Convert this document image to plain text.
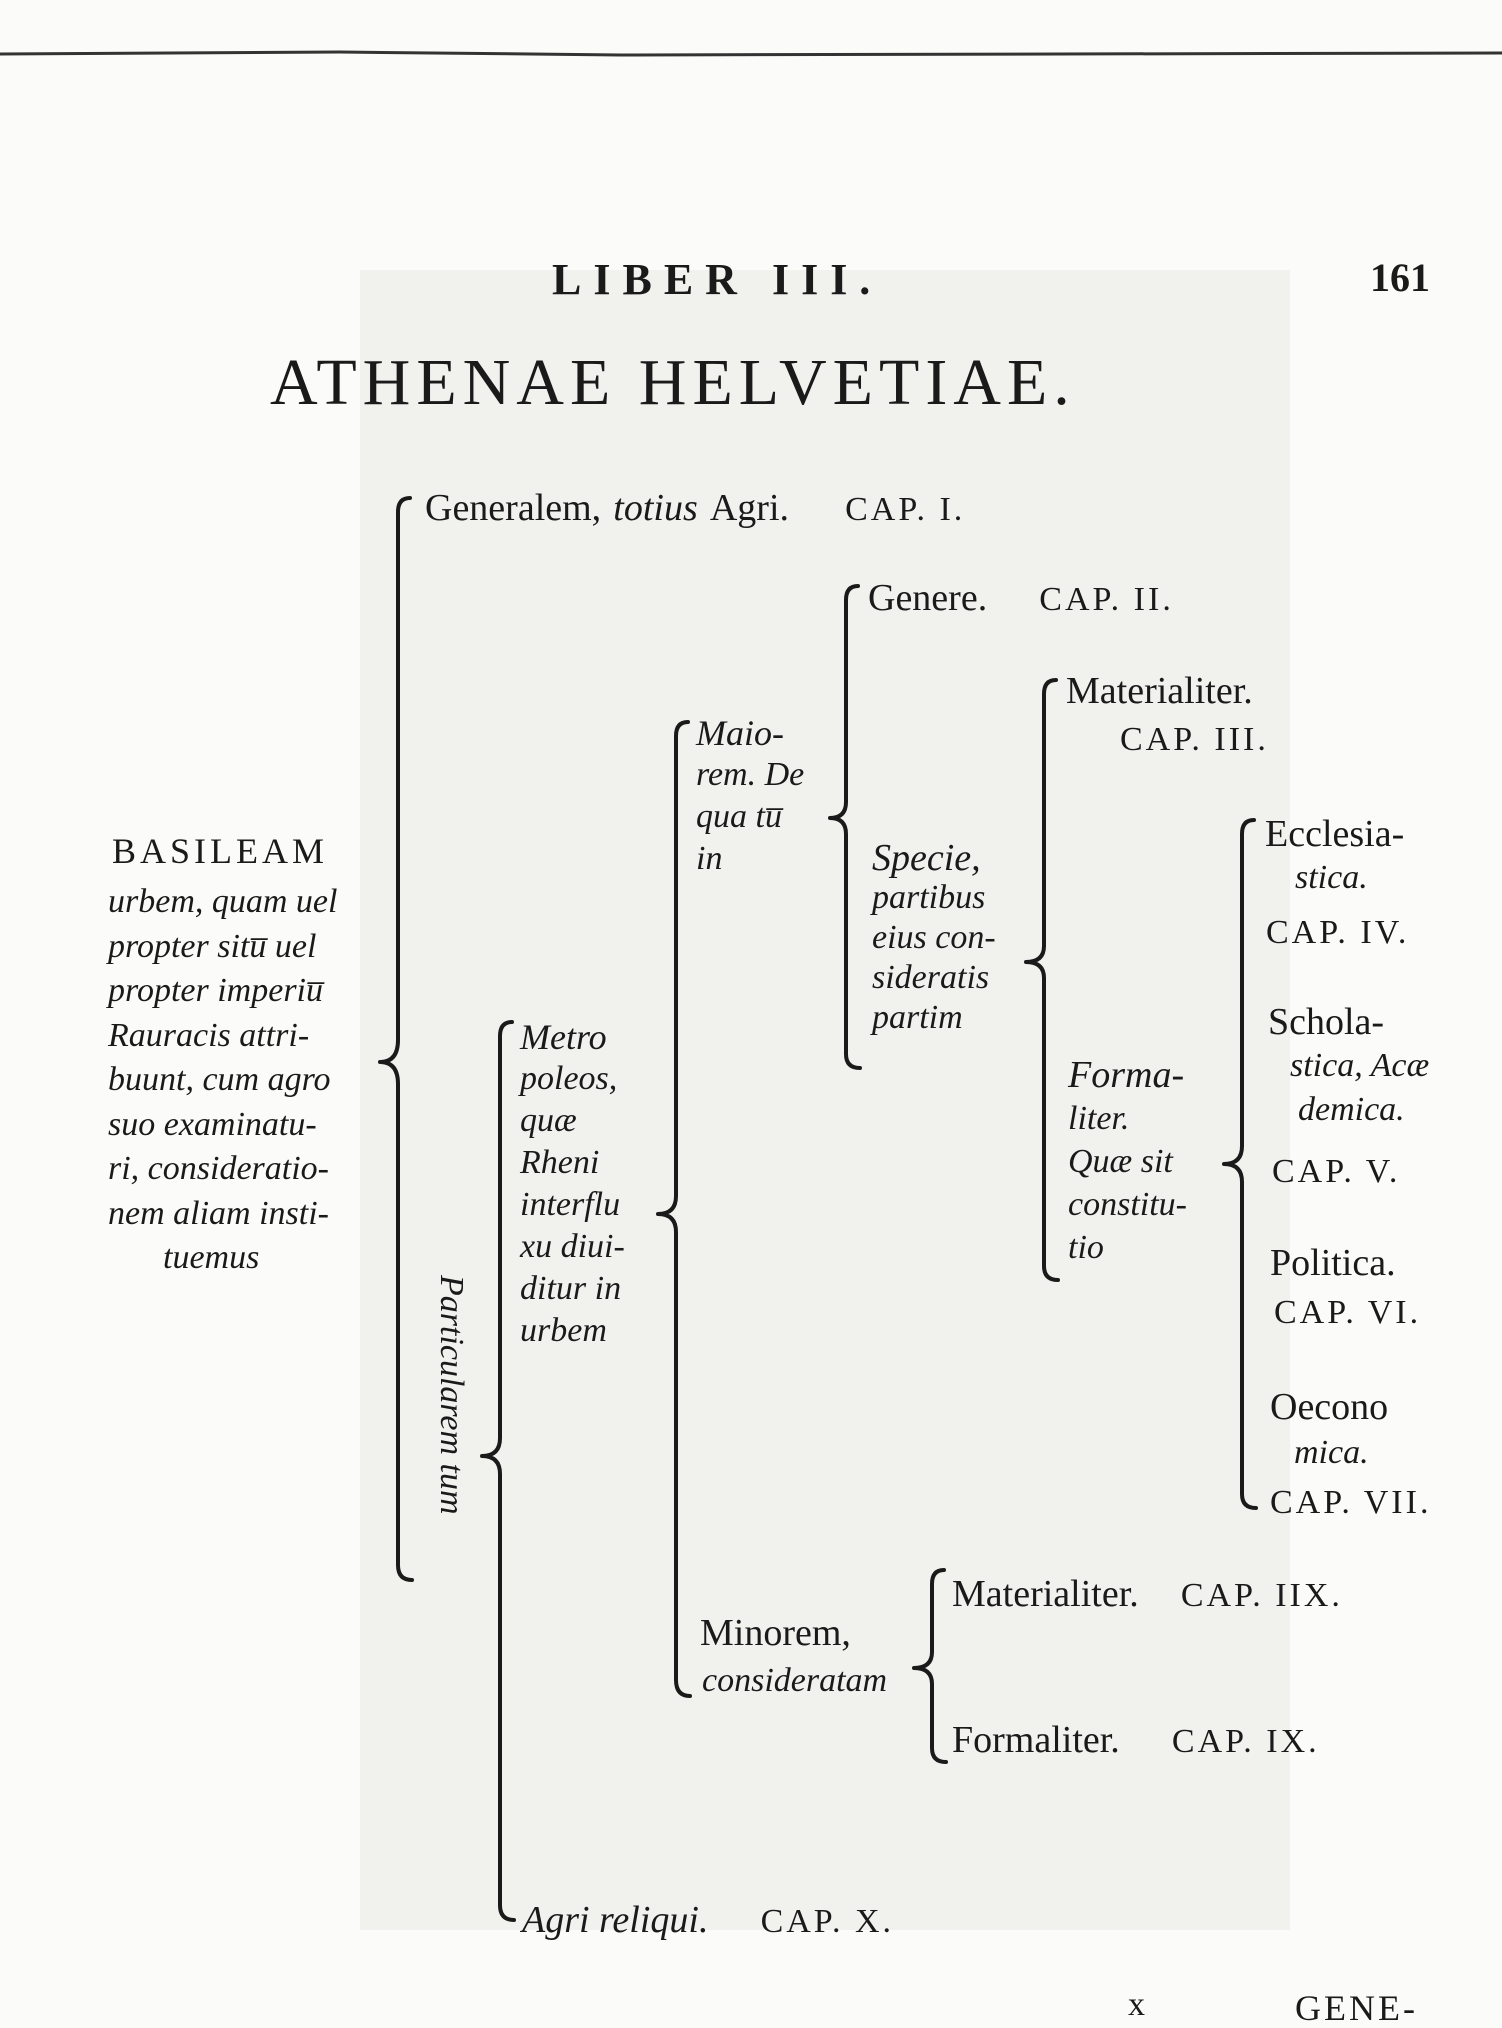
LIBER III.	161
ATHENAE HELVETIAE.
BASILEAM
urbem, quam uel
propter situ̅ uel
propter imperiu̅
Rauracis attri-
buunt, cum agro
suo examinatu-
ri, consideratio-
nem aliam insti-
tuemus
Generalem, totius Agri. CAP. I.
Particularem tum
Metro
poleos,
quæ
Rheni
interflu
xu diui-
ditur in
urbem
Maio-
rem. De
qua tu̅
in
Genere. CAP. II.
Specie,
partibus
eius con-
sideratis
partim
Materialiter.
CAP. III.
Forma-
liter.
Quæ sit
constitu-
tio
Ecclesia-
stica.
CAP. IV.
Schola-
stica, Acæ
demica.
CAP. V.
Politica.
CAP. VI.
Oecono
mica.
CAP. VII.
Minorem,
consideratam
Materialiter. CAP. IIX.
Formaliter. CAP. IX.
Agri reliqui. CAP. X.
x	GENE-
